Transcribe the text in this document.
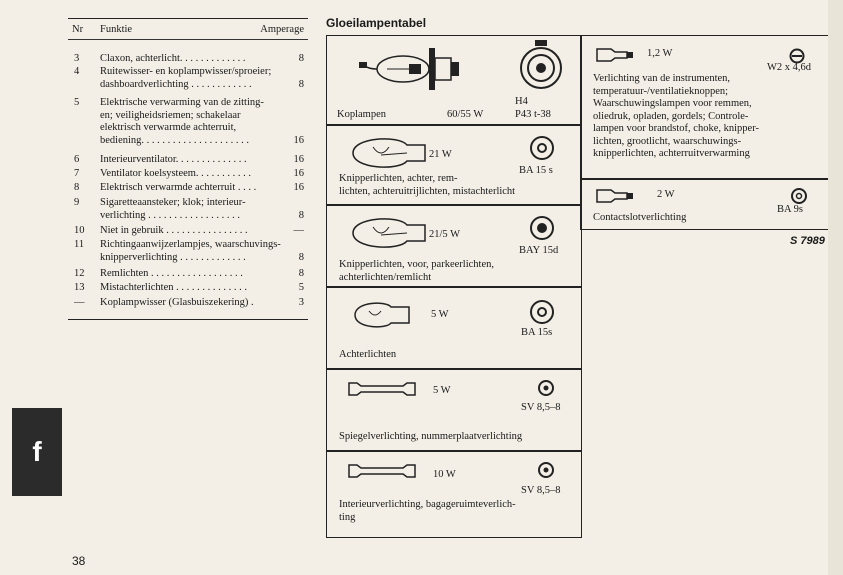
Nr Funktie	Amperage
3	Claxon, achterlicht. . . . . . . . . . . . .	8
4	Ruitewisser- en koplampwisser/sproeier;
dashboardverlichting . . . . . . . . . . . .	8
5	Elektrische verwarming van de zitting-
en; veiligheidsriemen; schakelaar
elektrisch verwarmde achterruit,
bediening. . . . . . . . . . . . . . . . . . . . .	16
6	Interieurventilator. . . . . . . . . . . . . .	16
7	Ventilator koelsysteem. . . . . . . . . . .	16
8	Elektrisch verwarmde achterruit . . . .	16
9	Sigaretteaansteker; klok; interieur-
verlichting . . . . . . . . . . . . . . . . . .	8
10	Niet in gebruik . . . . . . . . . . . . . . . .	—
11	Richtingaanwijzerlampjes, waarschuvings-
knipperverlichting . . . . . . . . . . . . .	8
12	Remlichten . . . . . . . . . . . . . . . . . .	8
13	Mistachterlichten . . . . . . . . . . . . . .	5
—	Koplampwisser (Glasbuiszekering) .	3
f
38
Gloeilampentabel
Koplampen	60/55 W
H4
P43 t-38
21 W
BA 15 s
Knipperlichten, achter, rem-
lichten, achteruitrijlichten, mistachterlicht
21/5 W
BAY 15d
Knipperlichten, voor, parkeerlichten,
achterlichten/remlicht
5 W
BA 15s
Achterlichten
5 W
SV 8,5–8
Spiegelverlichting, nummerplaatverlichting
10 W
SV 8,5–8
Interieurverlichting, bagageruimteverlich-
ting
1,2 W
W2 x 4,6d
Verlichting van de instrumenten,
temperatuur-/ventilatieknoppen;
Waarschuwingslampen voor remmen,
oliedruk, opladen, gordels; Controle-
lampen voor brandstof, choke, knipper-
lichten, grootlicht, waarschuwings-
knipperlichten, achterruitverwarming
2 W
BA 9s
Contactslotverlichting
S 7989
